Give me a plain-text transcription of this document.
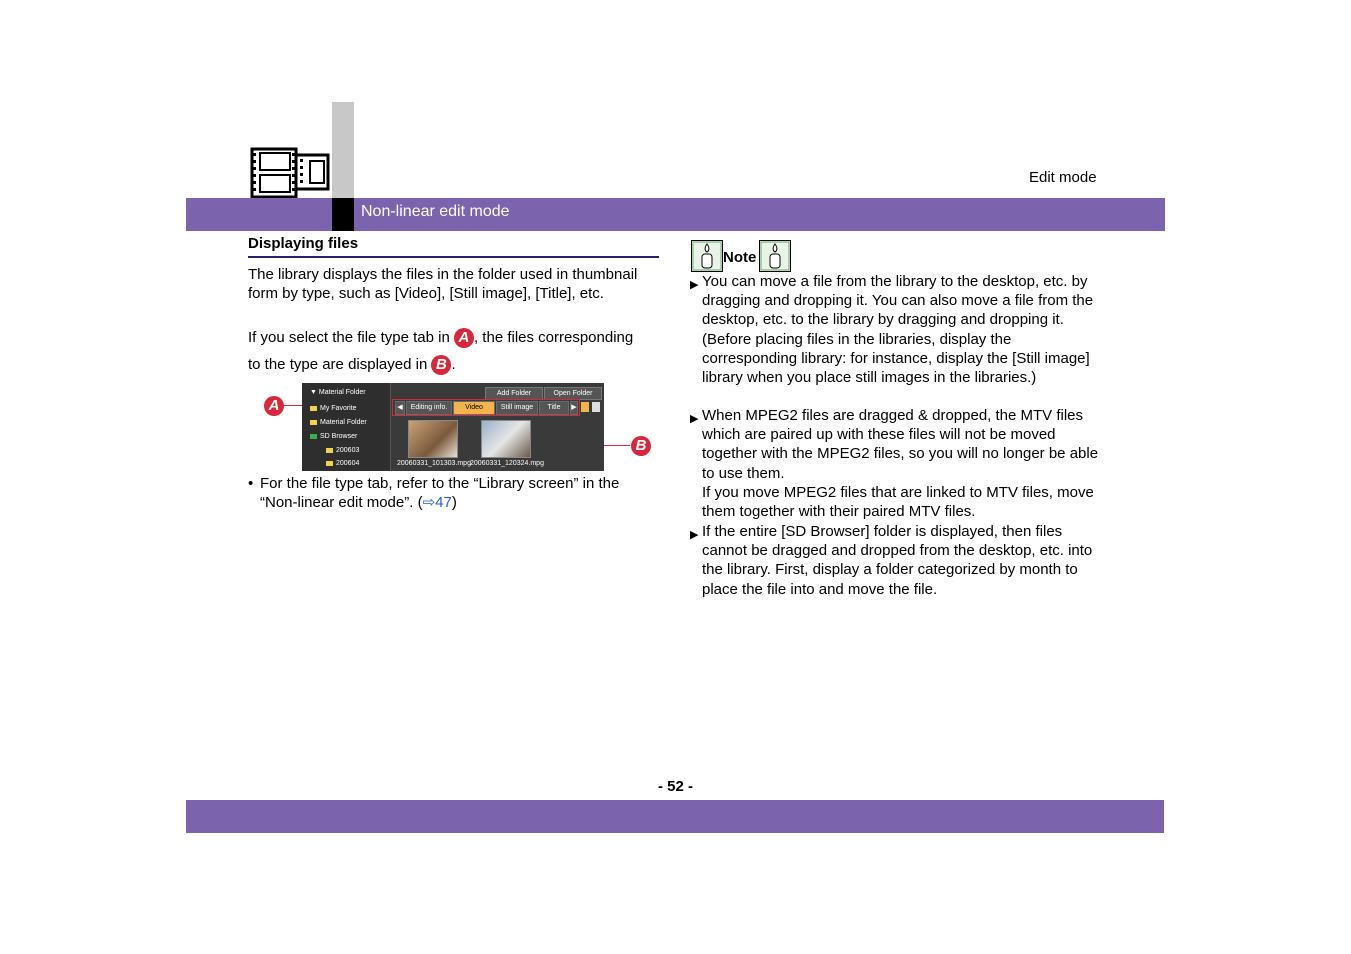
Edit mode
Non-linear edit mode
Displaying files
The library displays the files in the folder used in thumbnail form by type, such as [Video], [Still image], [Title], etc.
If you select the file type tab in A , the files corresponding
to the type are displayed in B .
A
▼ Material Folder
My Favorite
Material Folder
SD Browser
200603
200604
Add Folder	Open Folder
◀	Editing info.	Video	Still image	Title	▶
20060331_101303.mpg 20060331_120324.mpg
B
• For the file type tab, refer to the “Library screen” in the “Non-linear edit mode”. (⇨47)
Note
▶ You can move a file from the library to the desktop, etc. by dragging and dropping it. You can also move a file from the desktop, etc. to the library by dragging and dropping it. (Before placing files in the libraries, display the corresponding library: for instance, display the [Still image] library when you place still images in the libraries.)
▶ When MPEG2 files are dragged & dropped, the MTV files which are paired up with these files will not be moved together with the MPEG2 files, so you will no longer be able to use them.
If you move MPEG2 files that are linked to MTV files, move them together with their paired MTV files.
▶ If the entire [SD Browser] folder is displayed, then files cannot be dragged and dropped from the desktop, etc. into the library. First, display a folder categorized by month to place the file into and move the file.
- 52 -
